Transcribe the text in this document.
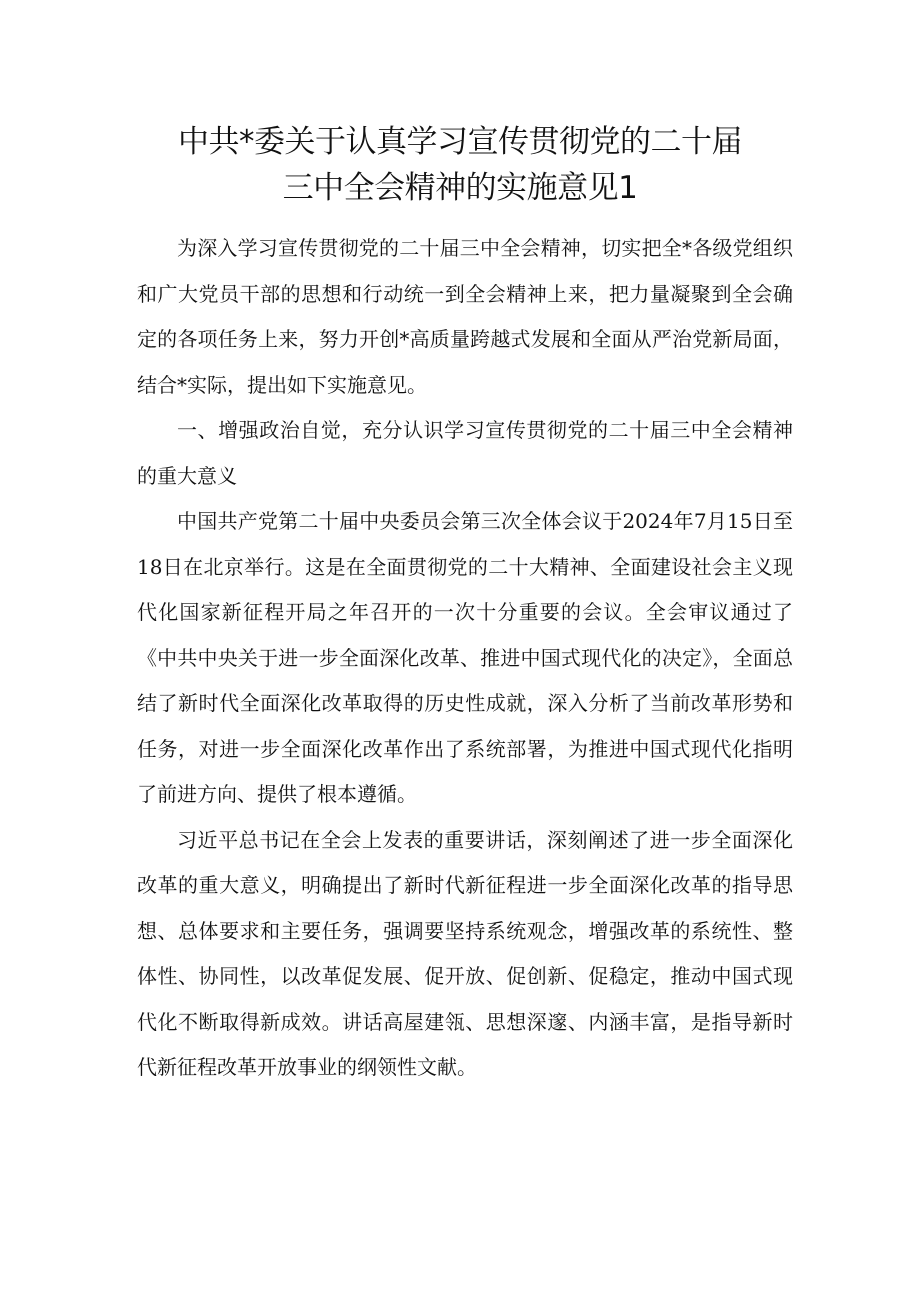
中共*委关于认真学习宣传贯彻党的二十届
三中全会精神的实施意见1

为深入学习宣传贯彻党的二十届三中全会精神，切实把全*各级党组织和广大党员干部的思想和行动统一到全会精神上来，把力量凝聚到全会确定的各项任务上来，努力开创*高质量跨越式发展和全面从严治党新局面，结合*实际，提出如下实施意见。

一、增强政治自觉，充分认识学习宣传贯彻党的二十届三中全会精神的重大意义

中国共产党第二十届中央委员会第三次全体会议于2024年7月15日至18日在北京举行。这是在全面贯彻党的二十大精神、全面建设社会主义现代化国家新征程开局之年召开的一次十分重要的会议。全会审议通过了《中共中央关于进一步全面深化改革、推进中国式现代化的决定》，全面总结了新时代全面深化改革取得的历史性成就，深入分析了当前改革形势和任务，对进一步全面深化改革作出了系统部署，为推进中国式现代化指明了前进方向、提供了根本遵循。

习近平总书记在全会上发表的重要讲话，深刻阐述了进一步全面深化改革的重大意义，明确提出了新时代新征程进一步全面深化改革的指导思想、总体要求和主要任务，强调要坚持系统观念，增强改革的系统性、整体性、协同性，以改革促发展、促开放、促创新、促稳定，推动中国式现代化不断取得新成效。讲话高屋建瓴、思想深邃、内涵丰富，是指导新时代新征程改革开放事业的纲领性文献。
